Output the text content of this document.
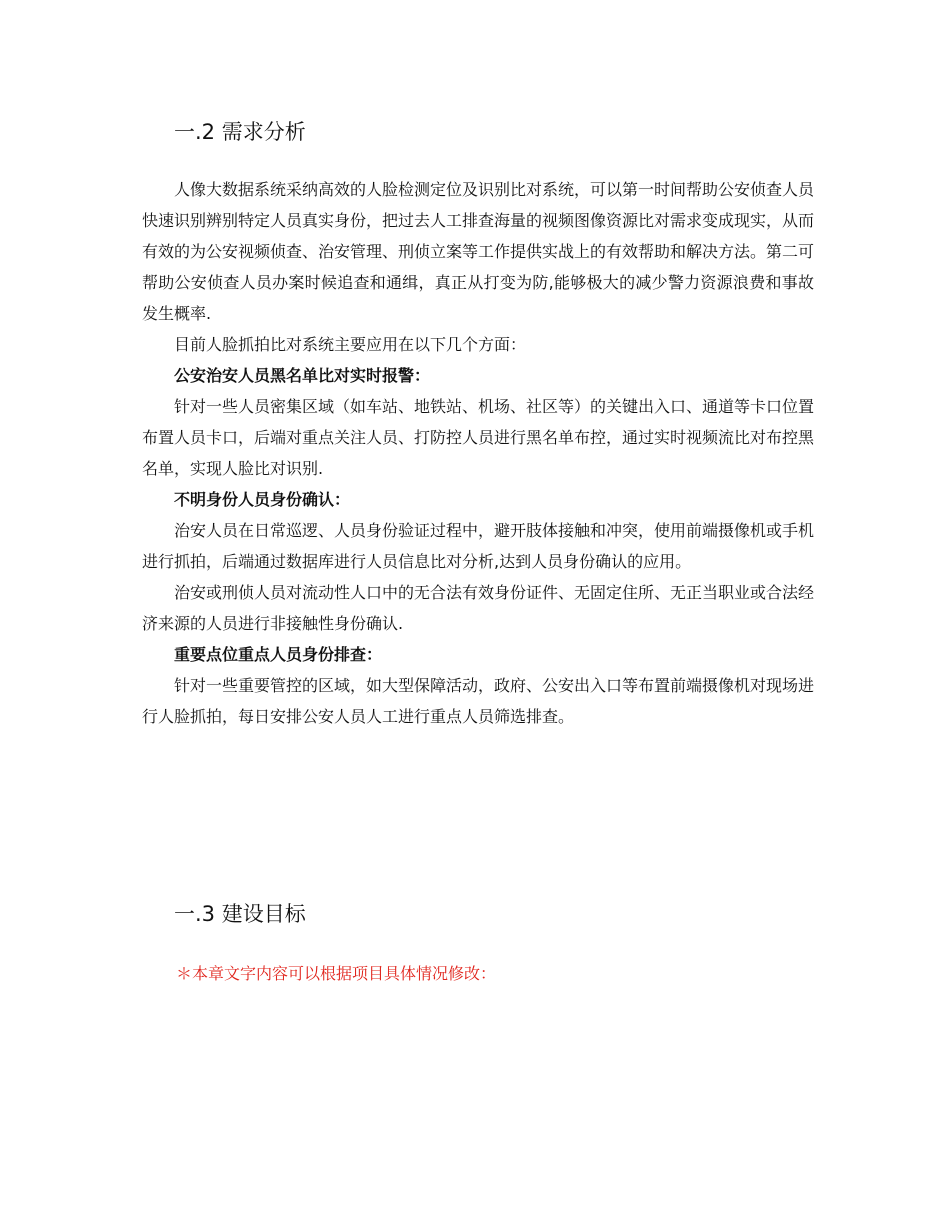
一.2 需求分析

人像大数据系统采纳高效的人脸检测定位及识别比对系统，可以第一时间帮助公安侦查人员快速识别辨别特定人员真实身份，把过去人工排查海量的视频图像资源比对需求变成现实，从而有效的为公安视频侦查、治安管理、刑侦立案等工作提供实战上的有效帮助和解决方法。第二可帮助公安侦查人员办案时候追查和通缉，真正从打变为防,能够极大的减少警力资源浪费和事故发生概率.

目前人脸抓拍比对系统主要应用在以下几个方面：

公安治安人员黑名单比对实时报警：

针对一些人员密集区域（如车站、地铁站、机场、社区等）的关键出入口、通道等卡口位置布置人员卡口，后端对重点关注人员、打防控人员进行黑名单布控，通过实时视频流比对布控黑名单，实现人脸比对识别.

不明身份人员身份确认：

治安人员在日常巡逻、人员身份验证过程中，避开肢体接触和冲突，使用前端摄像机或手机进行抓拍，后端通过数据库进行人员信息比对分析,达到人员身份确认的应用。

治安或刑侦人员对流动性人口中的无合法有效身份证件、无固定住所、无正当职业或合法经济来源的人员进行非接触性身份确认.

重要点位重点人员身份排查：

针对一些重要管控的区域，如大型保障活动，政府、公安出入口等布置前端摄像机对现场进行人脸抓拍，每日安排公安人员人工进行重点人员筛选排查。

一.3 建设目标
＊本章文字内容可以根据项目具体情况修改：
